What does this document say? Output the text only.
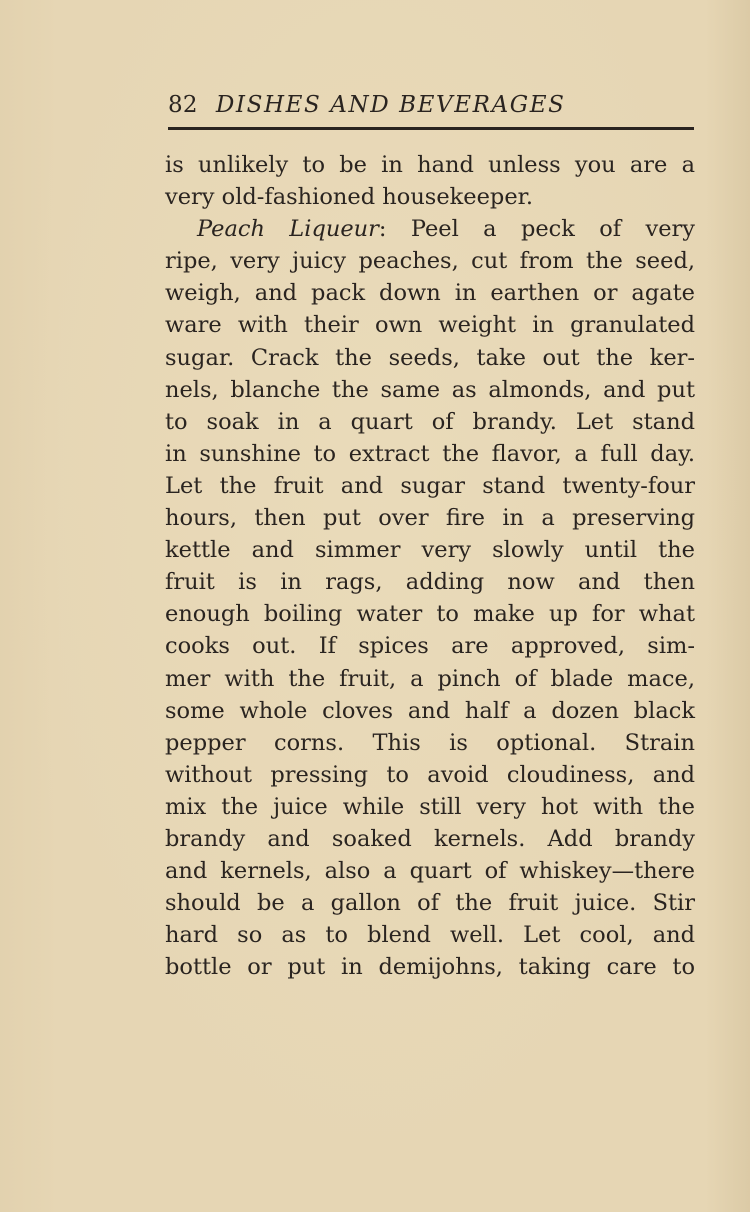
82 DISHES AND BEVERAGES
is unlikely to be in hand unless you are a
very old-fashioned housekeeper.
Peach Liqueur: Peel a peck of very
ripe, very juicy peaches, cut from the seed,
weigh, and pack down in earthen or agate
ware with their own weight in granulated
sugar. Crack the seeds, take out the ker-
nels, blanche the same as almonds, and put
to soak in a quart of brandy. Let stand
in sunshine to extract the flavor, a full day.
Let the fruit and sugar stand twenty-four
hours, then put over fire in a preserving
kettle and simmer very slowly until the
fruit is in rags, adding now and then
enough boiling water to make up for what
cooks out. If spices are approved, sim-
mer with the fruit, a pinch of blade mace,
some whole cloves and half a dozen black
pepper corns. This is optional. Strain
without pressing to avoid cloudiness, and
mix the juice while still very hot with the
brandy and soaked kernels. Add brandy
and kernels, also a quart of whiskey—there
should be a gallon of the fruit juice. Stir
hard so as to blend well. Let cool, and
bottle or put in demijohns, taking care to
